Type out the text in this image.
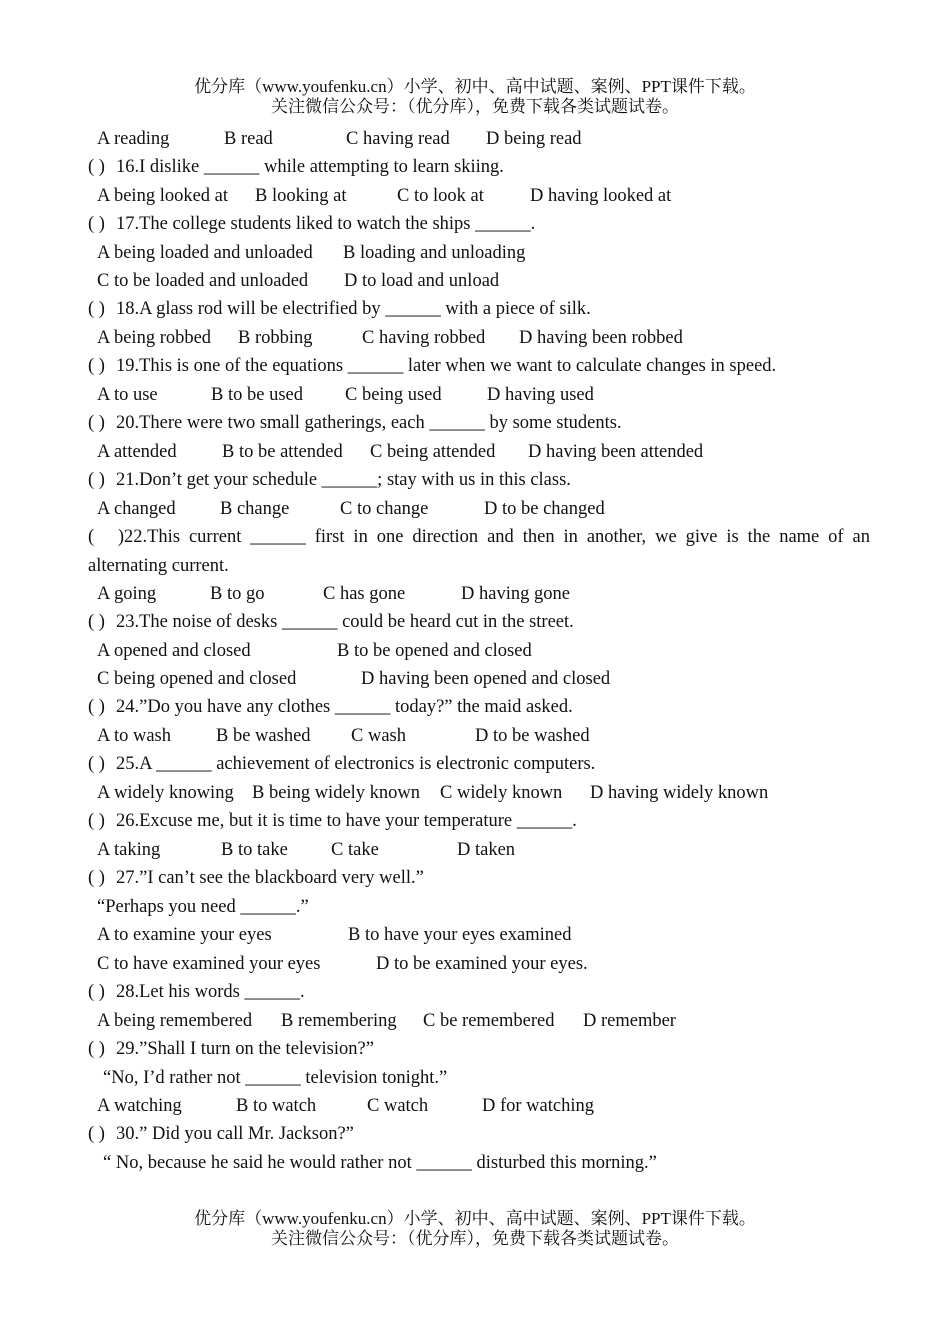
优分库（www.youfenku.cn）小学、初中、高中试题、案例、PPT课件下载。
关注微信公众号：（优分库），免费下载各类试题试卷。
A reading	B read	C having read D being read
( ) 16.I dislike ______ while attempting to learn skiing.
A being looked at B looking at	C to look at D having looked at
( ) 17.The college students liked to watch the ships ______.
A being loaded and unloaded B loading and unloading
C to be loaded and unloaded D to load and unload
( ) 18.A glass rod will be electrified by ______ with a piece of silk.
A being robbed B robbing	C having robbed D having been robbed
( ) 19.This is one of the equations ______ later when we want to calculate changes in speed.
A to use	B to be used C being used D having used
( ) 20.There were two small gatherings, each ______ by some students.
A attended B to be attended C being attended D having been attended
( ) 21.Don’t get your schedule ______; stay with us in this class.
A changed B change	C to change	D to be changed
( )22.This current ______ first in one direction and then in another, we give is the name of an
alternating current.
A going	B to go	C has gone	D having gone
( ) 23.The noise of desks ______ could be heard cut in the street.
A opened and closed	B to be opened and closed
C being opened and closed	D having been opened and closed
( ) 24.”Do you have any clothes ______ today?” the maid asked.
A to wash B be washed C wash	D to be washed
( ) 25.A ______ achievement of electronics is electronic computers.
A widely knowing B being widely known C widely known D having widely known
( ) 26.Excuse me, but it is time to have your temperature ______.
A taking	B to take C take	D taken
( ) 27.”I can’t see the blackboard very well.”
“Perhaps you need ______.”
A to examine your eyes	B to have your eyes examined
C to have examined your eyes	D to be examined your eyes.
( ) 28.Let his words ______.
A being remembered B remembering C be remembered D remember
( ) 29.”Shall I turn on the television?”
“No, I’d rather not ______ television tonight.”
A watching	B to watch	C watch	D for watching
( ) 30.” Did you call Mr. Jackson?”
“ No, because he said he would rather not ______ disturbed this morning.”
优分库（www.youfenku.cn）小学、初中、高中试题、案例、PPT课件下载。
关注微信公众号：（优分库），免费下载各类试题试卷。
